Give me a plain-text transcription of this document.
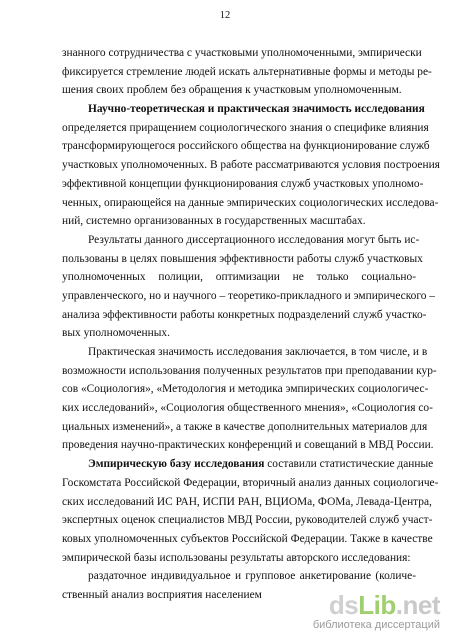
12
знанного сотрудничества с участковыми уполномоченными, эмпирически
фиксируется стремление людей искать альтернативные формы и методы ре-
шения своих проблем без обращения к участковым уполномоченным.
Научно-теоретическая и практическая значимость исследования
определяется приращением социологического знания о специфике влияния
трансформирующегося российского общества на функционирование служб
участковых уполномоченных. В работе рассматриваются условия построения
эффективной концепции функционирования служб участковых уполномо-
ченных, опирающейся на данные эмпирических социологических исследова-
ний, системно организованных в государственных масштабах.
Результаты данного диссертационного исследования могут быть ис-
пользованы в целях повышения эффективности работы служб участковых
уполномоченных полиции, оптимизации не только социально-
управленческого, но и научного – теоретико-прикладного и эмпирического –
анализа эффективности работы конкретных подразделений служб участко-
вых уполномоченных.
Практическая значимость исследования заключается, в том числе, и в
возможности использования полученных результатов при преподавании кур-
сов «Социология», «Методология и методика эмпирических социологичес-
ких исследований», «Социология общественного мнения», «Социология со-
циальных изменений», а также в качестве дополнительных материалов для
проведения научно-практических конференций и совещаний в МВД России.
Эмпирическую базу исследования составили статистические данные
Госкомстата Российской Федерации, вторичный анализ данных социологиче-
ских исследований ИС РАН, ИСПИ РАН, ВЦИОМа, ФОМа, Левада-Центра,
экспертных оценок специалистов МВД России, руководителей служб участ-
ковых уполномоченных субъектов Российской Федерации. Также в качестве
эмпирической базы использованы результаты авторского исследования:
раздаточное индивидуальное и групповое анкетирование (количе-
ственный анализ восприятия населением	dsLib.net
библиотека диссертаций
